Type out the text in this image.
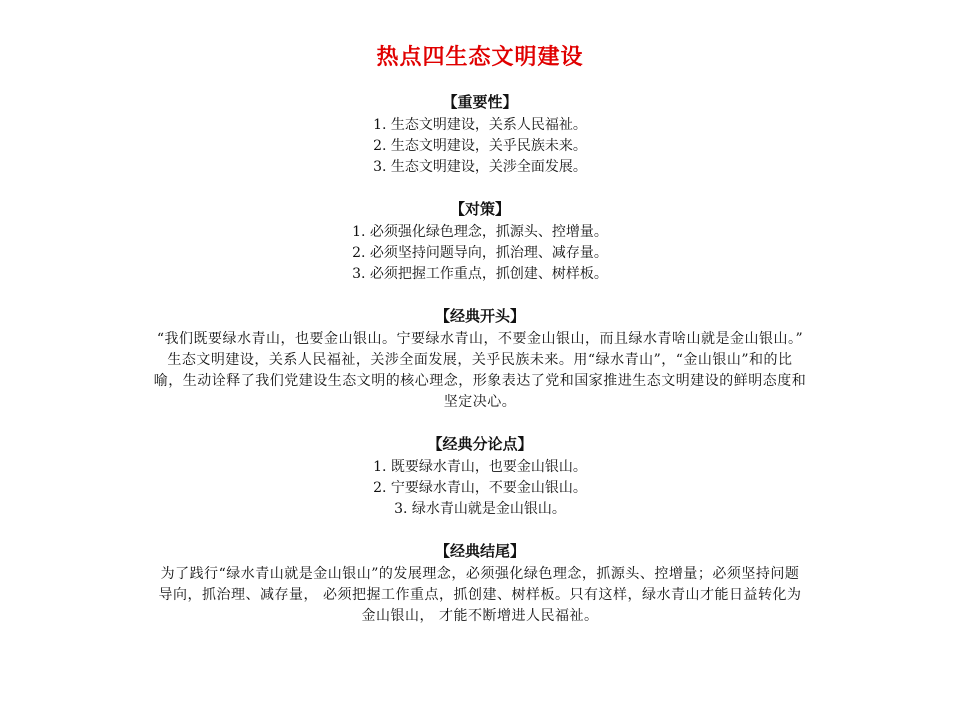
热点四生态文明建设
【重要性】
1. 生态文明建设，关系人民福祉。
2. 生态文明建设，关乎民族未来。
3. 生态文明建设，关涉全面发展。
【对策】
1. 必须强化绿色理念，抓源头、控增量。
2. 必须坚持问题导向，抓治理、减存量。
3. 必须把握工作重点，抓创建、树样板。
【经典开头】
“我们既要绿水青山，也要金山银山。宁要绿水青山，不要金山银山，而且绿水青啥山就是金山银山。”
生态文明建设，关系人民福祉，关涉全面发展，关乎民族未来。用“绿水青山”，“金山银山”和的比
喻，生动诠释了我们党建设生态文明的核心理念，形象表达了党和国家推进生态文明建设的鲜明态度和
坚定决心。
【经典分论点】
1. 既要绿水青山，也要金山银山。
2. 宁要绿水青山，不要金山银山。
3. 绿水青山就是金山银山。
【经典结尾】
为了践行“绿水青山就是金山银山”的发展理念，必须强化绿色理念，抓源头、控增量；必须坚持问题
导向，抓治理、减存量， 必须把握工作重点，抓创建、树样板。只有这样，绿水青山才能日益转化为
金山银山， 才能不断增进人民福祉。
